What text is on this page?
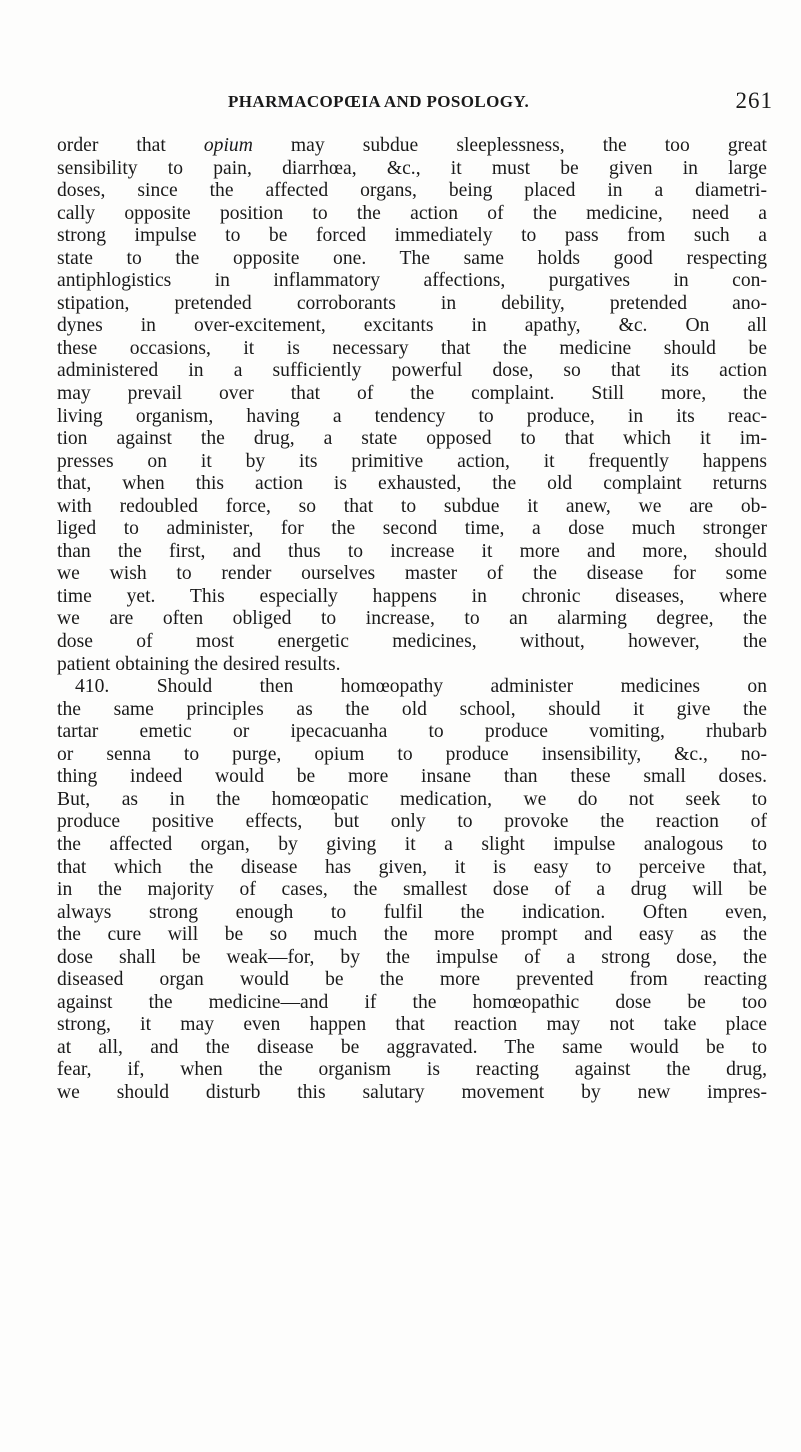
PHARMACOPŒIA AND POSOLOGY.	261
order that opium may subdue sleeplessness, the too great
sensibility to pain, diarrhœa, &c., it must be given in large
doses, since the affected organs, being placed in a diametri-
cally opposite position to the action of the medicine, need a
strong impulse to be forced immediately to pass from such a
state to the opposite one. The same holds good respecting
antiphlogistics in inflammatory affections, purgatives in con-
stipation, pretended corroborants in debility, pretended ano-
dynes in over-excitement, excitants in apathy, &c. On all
these occasions, it is necessary that the medicine should be
administered in a sufficiently powerful dose, so that its action
may prevail over that of the complaint. Still more, the
living organism, having a tendency to produce, in its reac-
tion against the drug, a state opposed to that which it im-
presses on it by its primitive action, it frequently happens
that, when this action is exhausted, the old complaint returns
with redoubled force, so that to subdue it anew, we are ob-
liged to administer, for the second time, a dose much stronger
than the first, and thus to increase it more and more, should
we wish to render ourselves master of the disease for some
time yet. This especially happens in chronic diseases, where
we are often obliged to increase, to an alarming degree, the
dose of most energetic medicines, without, however, the
patient obtaining the desired results.
410. Should then homœopathy administer medicines on
the same principles as the old school, should it give the
tartar emetic or ipecacuanha to produce vomiting, rhubarb
or senna to purge, opium to produce insensibility, &c., no-
thing indeed would be more insane than these small doses.
But, as in the homœopatic medication, we do not seek to
produce positive effects, but only to provoke the reaction of
the affected organ, by giving it a slight impulse analogous to
that which the disease has given, it is easy to perceive that,
in the majority of cases, the smallest dose of a drug will be
always strong enough to fulfil the indication. Often even,
the cure will be so much the more prompt and easy as the
dose shall be weak—for, by the impulse of a strong dose, the
diseased organ would be the more prevented from reacting
against the medicine—and if the homœopathic dose be too
strong, it may even happen that reaction may not take place
at all, and the disease be aggravated. The same would be to
fear, if, when the organism is reacting against the drug,
we should disturb this salutary movement by new impres-
